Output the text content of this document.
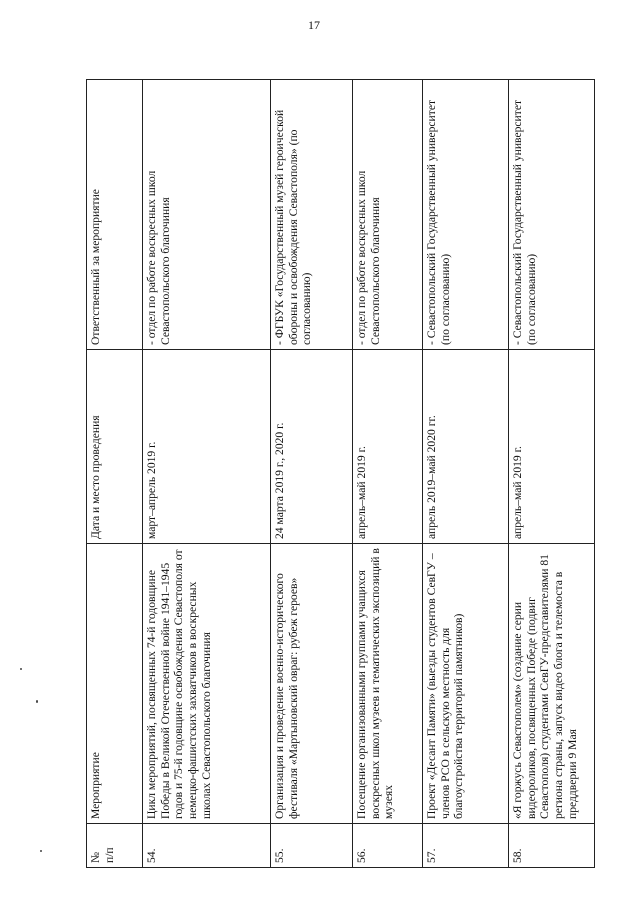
17
№
п/п	Мероприятие	Дата и место проведения	Ответственный за мероприятие
54.	Цикл мероприятий, посвященных 74-й годовщине Победы в Великой Отечественной войне 1941–1945 годов и 75-й годовщине освобождения Севастополя от немецко-фашистских захватчиков в воскресных школах Севастопольского благочиния	март–апрель 2019 г.	- отдел по работе воскресных школ Севастопольского благочиния
55.	Организация и проведение военно-исторического фестиваля «Мартыновский овраг: рубеж героев»	24 марта 2019 г., 2020 г.	- ФГБУК «Государственный музей героической обороны и освобождения Севастополя» (по согласованию)
56.	Посещение организованными группами учащихся воскресных школ музеев и тематических экспозиций в музеях	апрель–май 2019 г.	- отдел по работе воскресных школ Севастопольского благочиния
57.	Проект «Десант Памяти» (выезды студентов СевГУ – членов РСО в сельскую местность для благоустройства территорий памятников)	апрель 2019–май 2020 гг.	- Севастопольский Государственный университет (по согласованию)
58.	«Я горжусь Севастополем» (создание серии видеороликов, посвященных Победе (подвиг Севастополя) студентами СевГУ-представителями 81 региона страны, запуск видео блога и телемоста в преддверии 9 Мая	апрель–май 2019 г.	- Севастопольский Государственный университет (по согласованию)
